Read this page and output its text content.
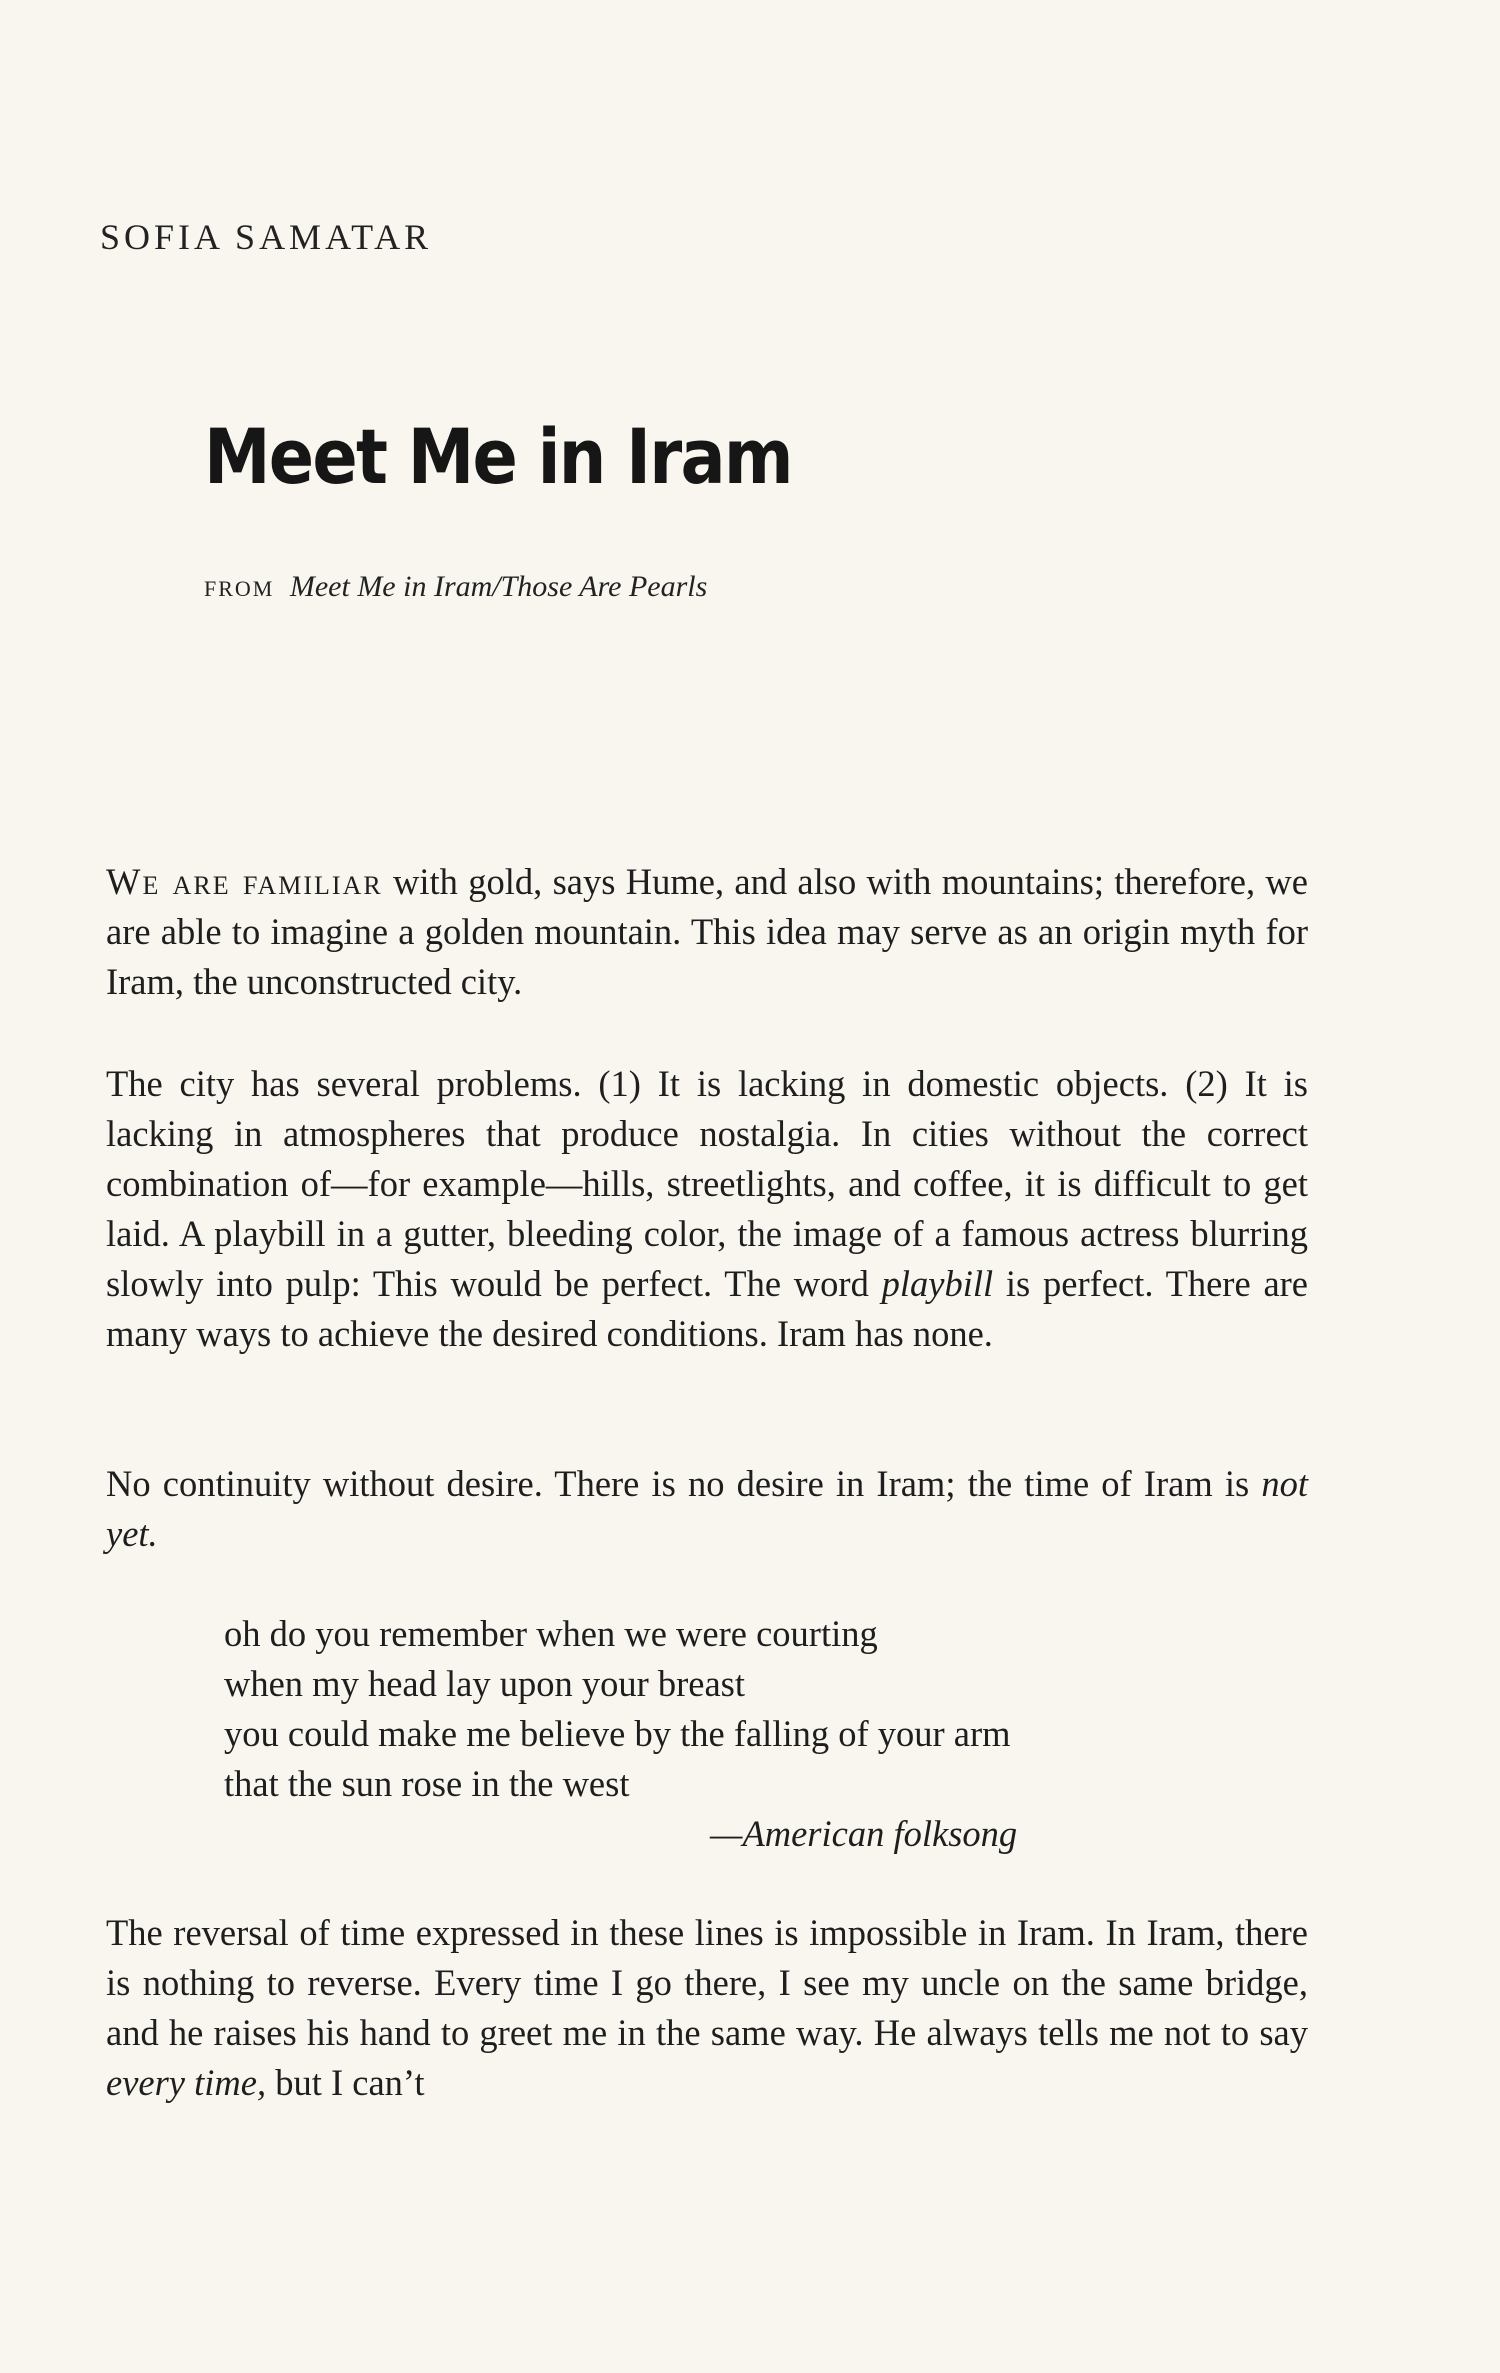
SOFIA SAMATAR
Meet Me in Iram
FROM Meet Me in Iram/Those Are Pearls

We are familiar with gold, says Hume, and also with mountains; therefore, we are able to imagine a golden mountain. This idea may serve as an origin myth for Iram, the unconstructed city.

The city has several problems. (1) It is lacking in domestic objects. (2) It is lacking in atmospheres that produce nostalgia. In cities without the correct combination of—for example—hills, streetlights, and coffee, it is difficult to get laid. A playbill in a gutter, bleeding color, the image of a famous actress blurring slowly into pulp: This would be perfect. The word playbill is perfect. There are many ways to achieve the desired conditions. Iram has none.

No continuity without desire. There is no desire in Iram; the time of Iram is not yet.

oh do you remember when we were courting
when my head lay upon your breast
you could make me believe by the falling of your arm
that the sun rose in the west
—American folksong

The reversal of time expressed in these lines is impossible in Iram. In Iram, there is nothing to reverse. Every time I go there, I see my uncle on the same bridge, and he raises his hand to greet me in the same way. He always tells me not to say every time, but I can’t
